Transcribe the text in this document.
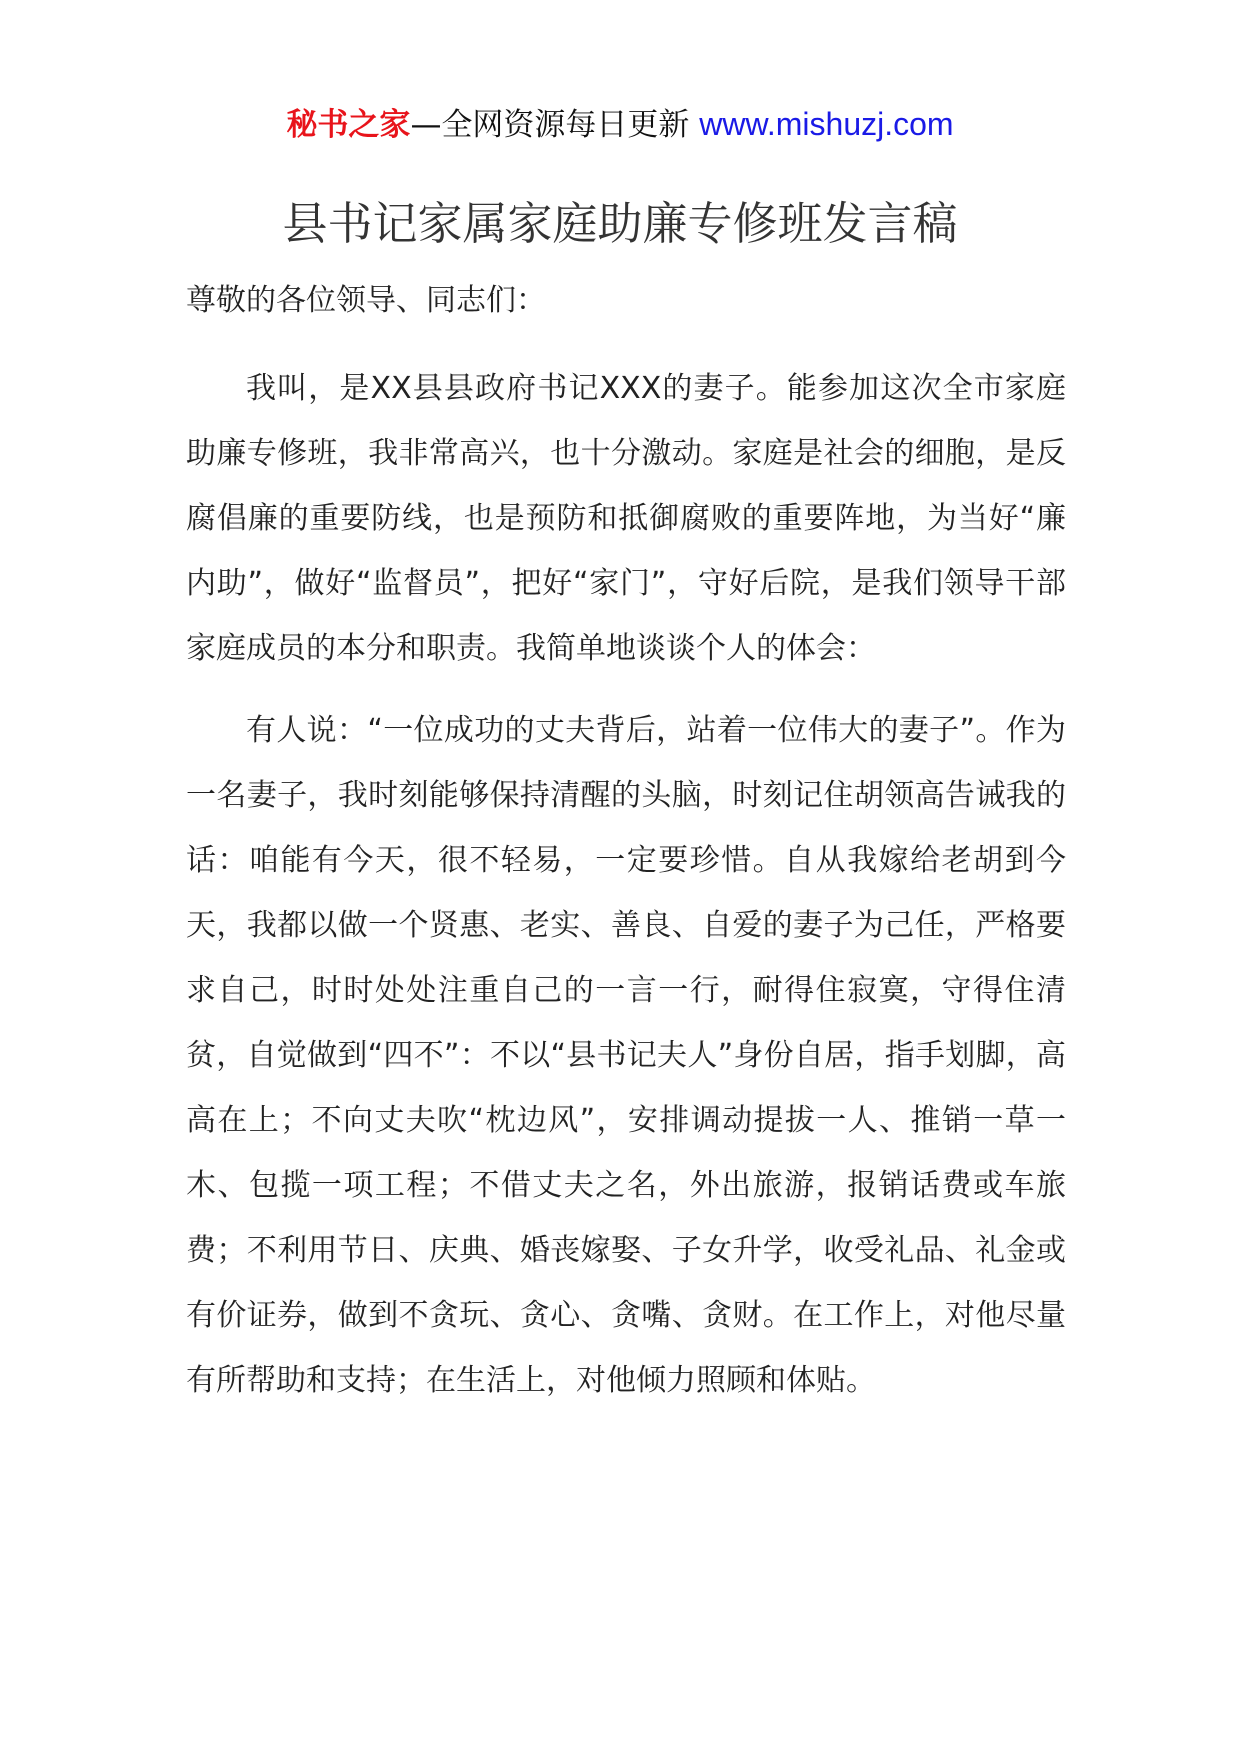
秘书之家—全网资源每日更新 www.mishuzj.com
县书记家属家庭助廉专修班发言稿

尊敬的各位领导、同志们：

我叫，是XX县县政府书记XXX的妻子。能参加这次全市家庭助廉专修班，我非常高兴，也十分激动。家庭是社会的细胞，是反腐倡廉的重要防线，也是预防和抵御腐败的重要阵地，为当好“廉内助”，做好“监督员”，把好“家门”，守好后院，是我们领导干部家庭成员的本分和职责。我简单地谈谈个人的体会：

有人说：“一位成功的丈夫背后，站着一位伟大的妻子”。作为一名妻子，我时刻能够保持清醒的头脑，时刻记住胡领高告诫我的话：咱能有今天，很不轻易，一定要珍惜。自从我嫁给老胡到今天，我都以做一个贤惠、老实、善良、自爱的妻子为己任，严格要求自己，时时处处注重自己的一言一行，耐得住寂寞，守得住清贫，自觉做到“四不”：不以“县书记夫人”身份自居，指手划脚，高高在上；不向丈夫吹“枕边风”，安排调动提拔一人、推销一草一木、包揽一项工程；不借丈夫之名，外出旅游，报销话费或车旅费；不利用节日、庆典、婚丧嫁娶、子女升学，收受礼品、礼金或有价证券，做到不贪玩、贪心、贪嘴、贪财。在工作上，对他尽量有所帮助和支持；在生活上，对他倾力照顾和体贴。
